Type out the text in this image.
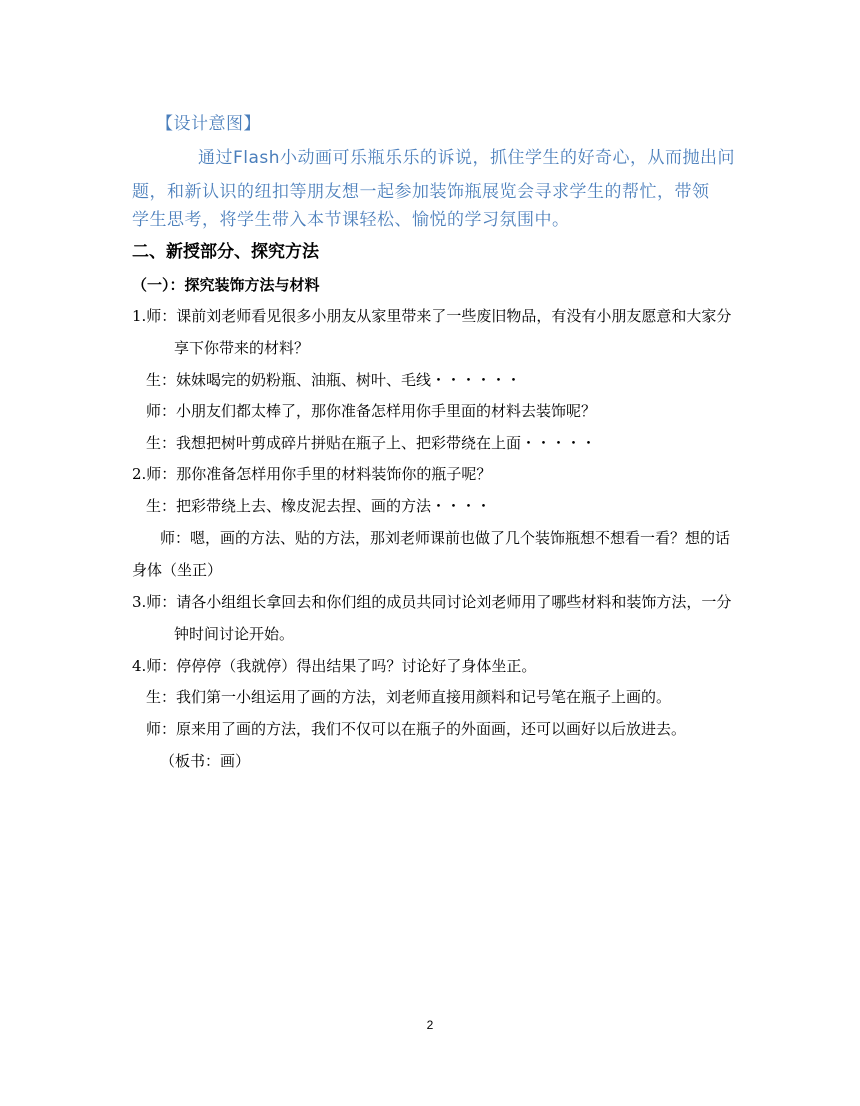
【设计意图】
通过Flash小动画可乐瓶乐乐的诉说，抓住学生的好奇心，从而抛出问
题，和新认识的纽扣等朋友想一起参加装饰瓶展览会寻求学生的帮忙，带领
学生思考，将学生带入本节课轻松、愉悦的学习氛围中。
二、新授部分、探究方法
（一）：探究装饰方法与材料
1.师：课前刘老师看见很多小朋友从家里带来了一些废旧物品，有没有小朋友愿意和大家分
享下你带来的材料？
生：妹妹喝完的奶粉瓶、油瓶、树叶、毛线・・・・・・
师：小朋友们都太棒了，那你准备怎样用你手里面的材料去装饰呢？
生：我想把树叶剪成碎片拼贴在瓶子上、把彩带绕在上面・・・・・
2.师：那你准备怎样用你手里的材料装饰你的瓶子呢？
生：把彩带绕上去、橡皮泥去捏、画的方法・・・・
师：嗯，画的方法、贴的方法，那刘老师课前也做了几个装饰瓶想不想看一看？想的话
身体（坐正）
3.师：请各小组组长拿回去和你们组的成员共同讨论刘老师用了哪些材料和装饰方法，一分
钟时间讨论开始。
4.师：停停停（我就停）得出结果了吗？讨论好了身体坐正。
生：我们第一小组运用了画的方法，刘老师直接用颜料和记号笔在瓶子上画的。
师：原来用了画的方法，我们不仅可以在瓶子的外面画，还可以画好以后放进去。
（板书：画）
2
